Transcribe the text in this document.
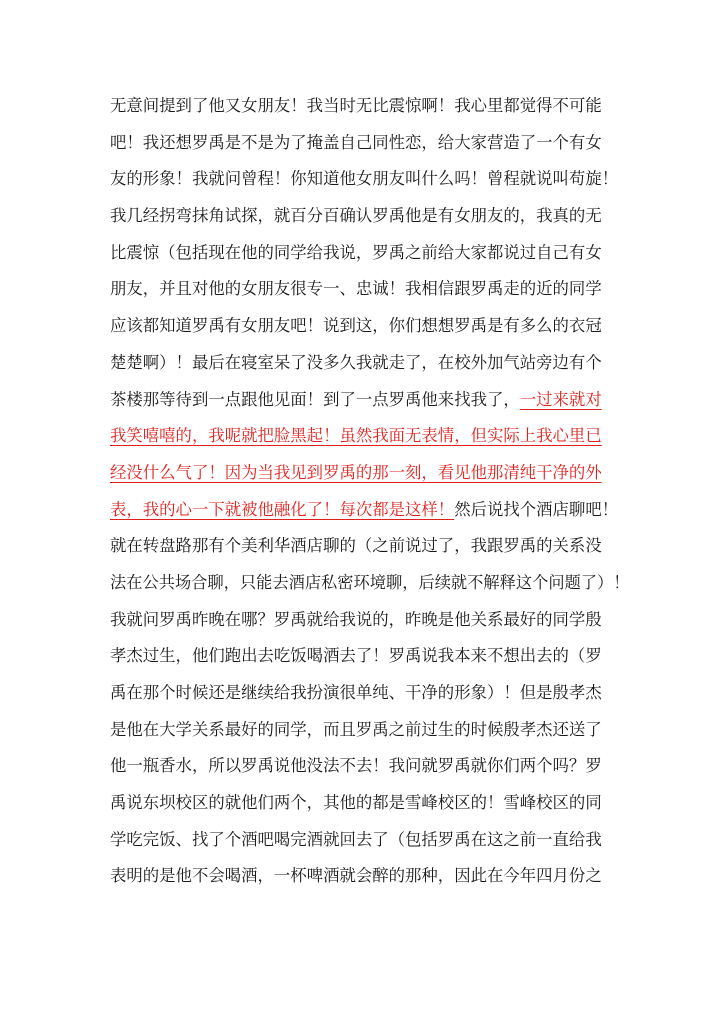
无意间提到了他又女朋友！我当时无比震惊啊！我心里都觉得不可能
吧！我还想罗禹是不是为了掩盖自己同性恋，给大家营造了一个有女
友的形象！我就问曾程！你知道他女朋友叫什么吗！曾程就说叫苟旋！
我几经拐弯抹角试探，就百分百确认罗禹他是有女朋友的，我真的无
比震惊（包括现在他的同学给我说，罗禹之前给大家都说过自己有女
朋友，并且对他的女朋友很专一、忠诚！我相信跟罗禹走的近的同学
应该都知道罗禹有女朋友吧！说到这，你们想想罗禹是有多么的衣冠
楚楚啊）！最后在寝室呆了没多久我就走了，在校外加气站旁边有个
茶楼那等待到一点跟他见面！到了一点罗禹他来找我了，一过来就对
我笑嘻嘻的，我呢就把脸黑起！虽然我面无表情，但实际上我心里已
经没什么气了！因为当我见到罗禹的那一刻，看见他那清纯干净的外
表，我的心一下就被他融化了！每次都是这样！然后说找个酒店聊吧！
就在转盘路那有个美利华酒店聊的（之前说过了，我跟罗禹的关系没
法在公共场合聊，只能去酒店私密环境聊，后续就不解释这个问题了）！
我就问罗禹昨晚在哪？罗禹就给我说的，昨晚是他关系最好的同学殷
孝杰过生，他们跑出去吃饭喝酒去了！罗禹说我本来不想出去的（罗
禹在那个时候还是继续给我扮演很单纯、干净的形象）！但是殷孝杰
是他在大学关系最好的同学，而且罗禹之前过生的时候殷孝杰还送了
他一瓶香水，所以罗禹说他没法不去！我问就罗禹就你们两个吗？罗
禹说东坝校区的就他们两个，其他的都是雪峰校区的！雪峰校区的同
学吃完饭、找了个酒吧喝完酒就回去了（包括罗禹在这之前一直给我
表明的是他不会喝酒，一杯啤酒就会醉的那种，因此在今年四月份之
